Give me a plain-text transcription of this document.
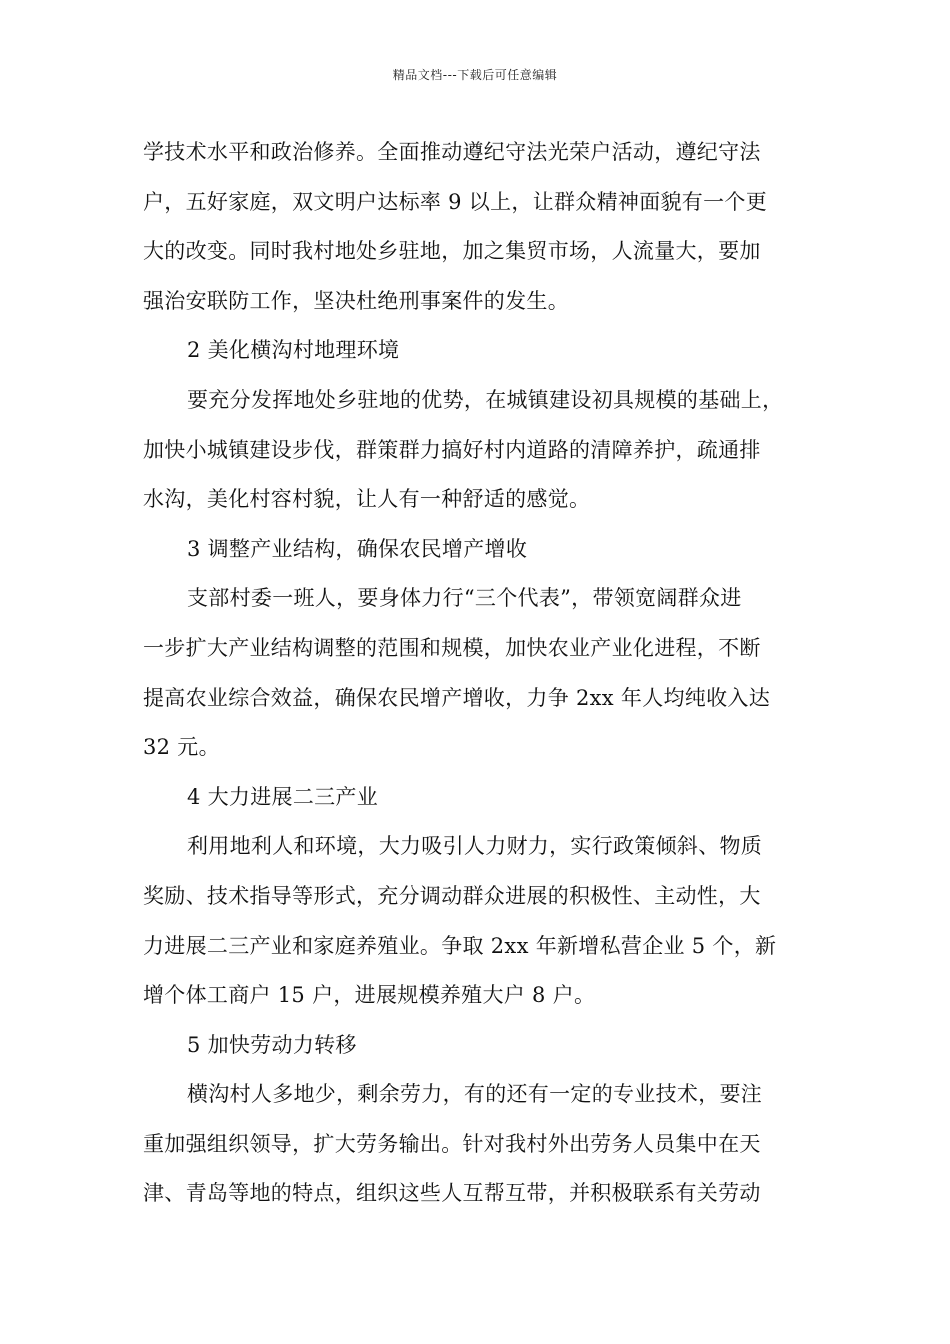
精品文档---下载后可任意编辑
学技术水平和政治修养。全面推动遵纪守法光荣户活动，遵纪守法
户，五好家庭，双文明户达标率 9 以上，让群众精神面貌有一个更
大的改变。同时我村地处乡驻地，加之集贸市场，人流量大，要加
强治安联防工作，坚决杜绝刑事案件的发生。
2 美化横沟村地理环境
要充分发挥地处乡驻地的优势，在城镇建设初具规模的基础上，
加快小城镇建设步伐，群策群力搞好村内道路的清障养护，疏通排
水沟，美化村容村貌，让人有一种舒适的感觉。
3 调整产业结构，确保农民增产增收
支部村委一班人，要身体力行“三个代表”，带领宽阔群众进
一步扩大产业结构调整的范围和规模，加快农业产业化进程，不断
提高农业综合效益，确保农民增产增收，力争 2xx 年人均纯收入达
32 元。
4 大力进展二三产业
利用地利人和环境，大力吸引人力财力，实行政策倾斜、物质
奖励、技术指导等形式，充分调动群众进展的积极性、主动性，大
力进展二三产业和家庭养殖业。争取 2xx 年新增私营企业 5 个，新
增个体工商户 15 户，进展规模养殖大户 8 户。
5 加快劳动力转移
横沟村人多地少，剩余劳力，有的还有一定的专业技术，要注
重加强组织领导，扩大劳务输出。针对我村外出劳务人员集中在天
津、青岛等地的特点，组织这些人互帮互带，并积极联系有关劳动
